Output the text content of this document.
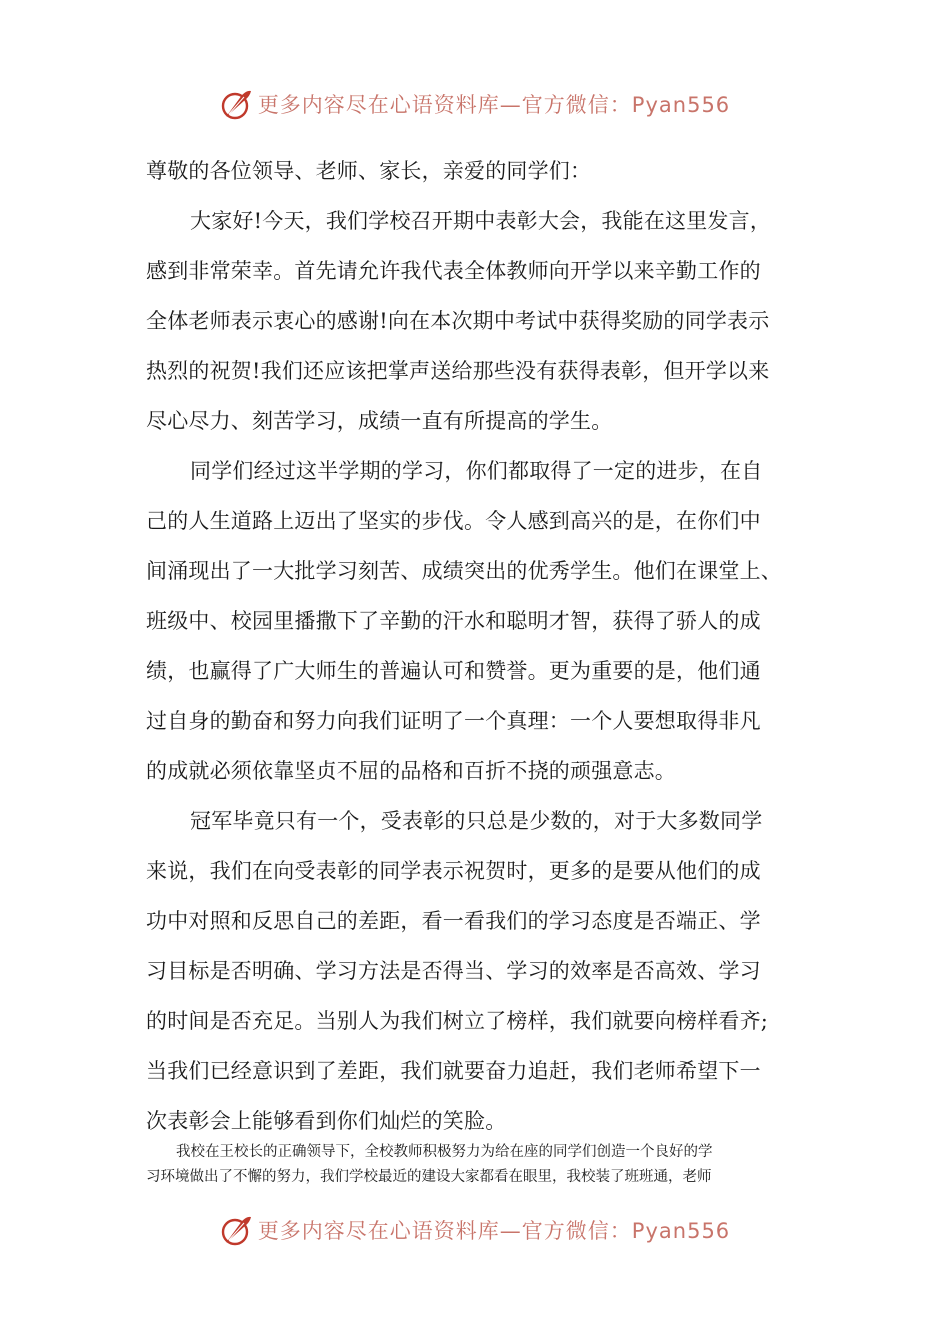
更多内容尽在心语资料库—官方微信：Pyan556
尊敬的各位领导、老师、家长，亲爱的同学们：
大家好!今天，我们学校召开期中表彰大会，我能在这里发言，
感到非常荣幸。首先请允许我代表全体教师向开学以来辛勤工作的
全体老师表示衷心的感谢!向在本次期中考试中获得奖励的同学表示
热烈的祝贺!我们还应该把掌声送给那些没有获得表彰，但开学以来
尽心尽力、刻苦学习，成绩一直有所提高的学生。
同学们经过这半学期的学习，你们都取得了一定的进步，在自
己的人生道路上迈出了坚实的步伐。令人感到高兴的是，在你们中
间涌现出了一大批学习刻苦、成绩突出的优秀学生。他们在课堂上、
班级中、校园里播撒下了辛勤的汗水和聪明才智，获得了骄人的成
绩，也赢得了广大师生的普遍认可和赞誉。更为重要的是，他们通
过自身的勤奋和努力向我们证明了一个真理：一个人要想取得非凡
的成就必须依靠坚贞不屈的品格和百折不挠的顽强意志。
冠军毕竟只有一个，受表彰的只总是少数的，对于大多数同学
来说，我们在向受表彰的同学表示祝贺时，更多的是要从他们的成
功中对照和反思自己的差距，看一看我们的学习态度是否端正、学
习目标是否明确、学习方法是否得当、学习的效率是否高效、学习
的时间是否充足。当别人为我们树立了榜样，我们就要向榜样看齐;
当我们已经意识到了差距，我们就要奋力追赶，我们老师希望下一
次表彰会上能够看到你们灿烂的笑脸。
我校在王校长的正确领导下，全校教师积极努力为给在座的同学们创造一个良好的学
习环境做出了不懈的努力，我们学校最近的建设大家都看在眼里，我校装了班班通，老师
更多内容尽在心语资料库—官方微信：Pyan556
